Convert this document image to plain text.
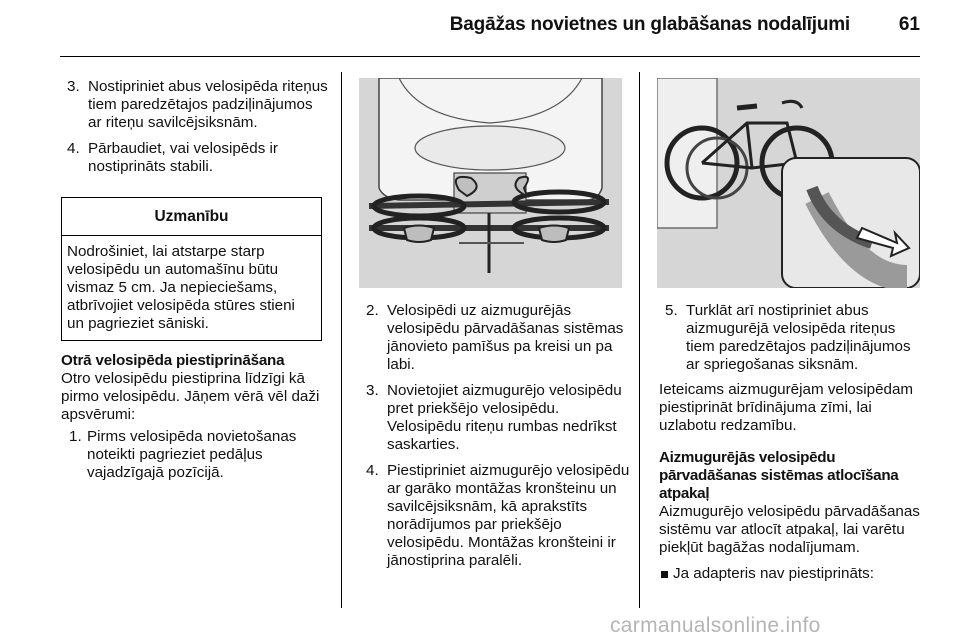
Bagāžas novietnes un glabāšanas nodalījumi	61
3. Nostipriniet abus velosipēda riteņus tiem paredzētajos padziļinājumos ar riteņu savilcējsiksnām.
4. Pārbaudiet, vai velosipēds ir nostiprināts stabili.
Uzmanību
Nodrošiniet, lai atstarpe starp velosipēdu un automašīnu būtu vismaz 5 cm. Ja nepieciešams, atbrīvojiet velosipēda stūres stieni un pagrieziet sāniski.
Otrā velosipēda piestiprināšana
Otro velosipēdu piestiprina līdzīgi kā pirmo velosipēdu. Jāņem vērā vēl daži apsvērumi:
1. Pirms velosipēda novietošanas noteikti pagrieziet pedāļus vajadzīgajā pozīcijā.
2. Velosipēdi uz aizmugurējās velosipēdu pārvadāšanas sistēmas jānovieto pamīšus pa kreisi un pa labi.
3. Novietojiet aizmugurējo velosipēdu pret priekšējo velosipēdu. Velosipēdu riteņu rumbas nedrīkst saskarties.
4. Piestipriniet aizmugurējo velosipēdu ar garāko montāžas kronšteinu un savilcējsiksnām, kā aprakstīts norādījumos par priekšējo velosipēdu. Montāžas kronšteini ir jānostiprina paralēli.
5. Turklāt arī nostipriniet abus aizmugurējā velosipēda riteņus tiem paredzētajos padziļinājumos ar spriegošanas siksnām.
Ieteicams aizmugurējam velosipēdam piestiprināt brīdinājuma zīmi, lai uzlabotu redzamību.
Aizmugurējās velosipēdu pārvadāšanas sistēmas atlocīšana atpakaļ
Aizmugurējo velosipēdu pārvadāšanas sistēmu var atlocīt atpakaļ, lai varētu piekļūt bagāžas nodalījumam.
Ja adapteris nav piestiprināts:
carmanualsonline.info
